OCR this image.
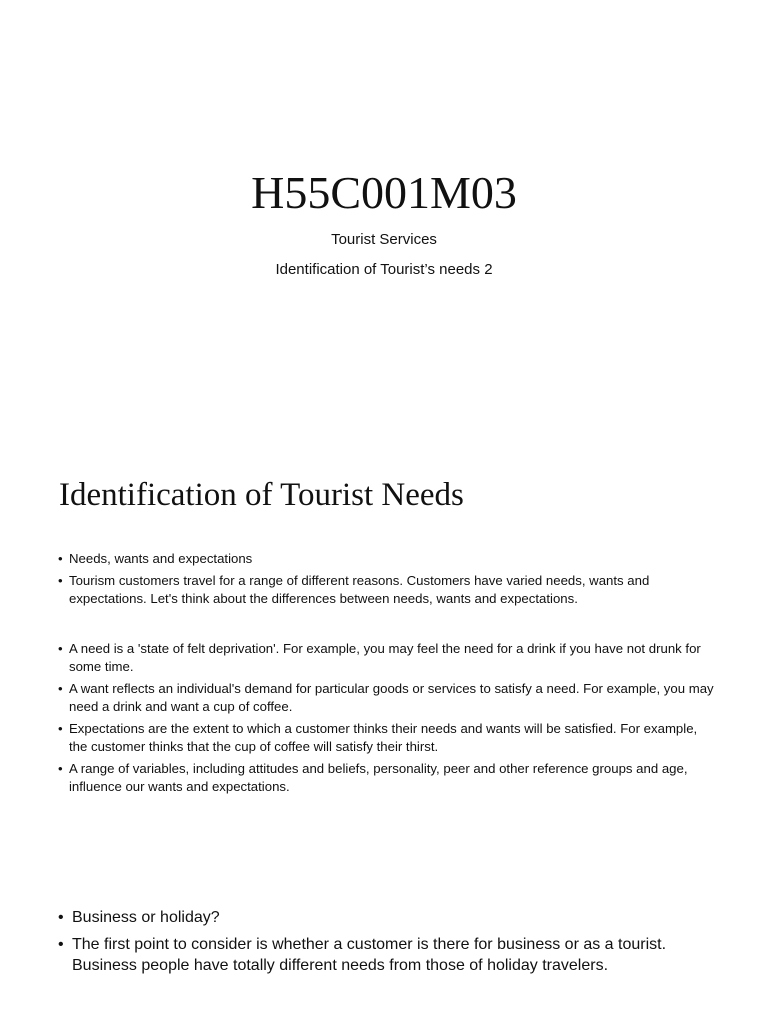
H55C001M03
Tourist Services
Identification of Tourist’s needs 2
Identification of Tourist Needs
• Needs, wants and expectations
• Tourism customers travel for a range of different reasons. Customers have varied needs, wants and expectations. Let's think about the differences between needs, wants and expectations.
• A need is a 'state of felt deprivation'. For example, you may feel the need for a drink if you have not drunk for some time.
• A want reflects an individual's demand for particular goods or services to satisfy a need. For example, you may need a drink and want a cup of coffee.
• Expectations are the extent to which a customer thinks their needs and wants will be satisfied. For example, the customer thinks that the cup of coffee will satisfy their thirst.
• A range of variables, including attitudes and beliefs, personality, peer and other reference groups and age, influence our wants and expectations.
• Business or holiday?
• The first point to consider is whether a customer is there for business or as a tourist. Business people have totally different needs from those of holiday travelers.
